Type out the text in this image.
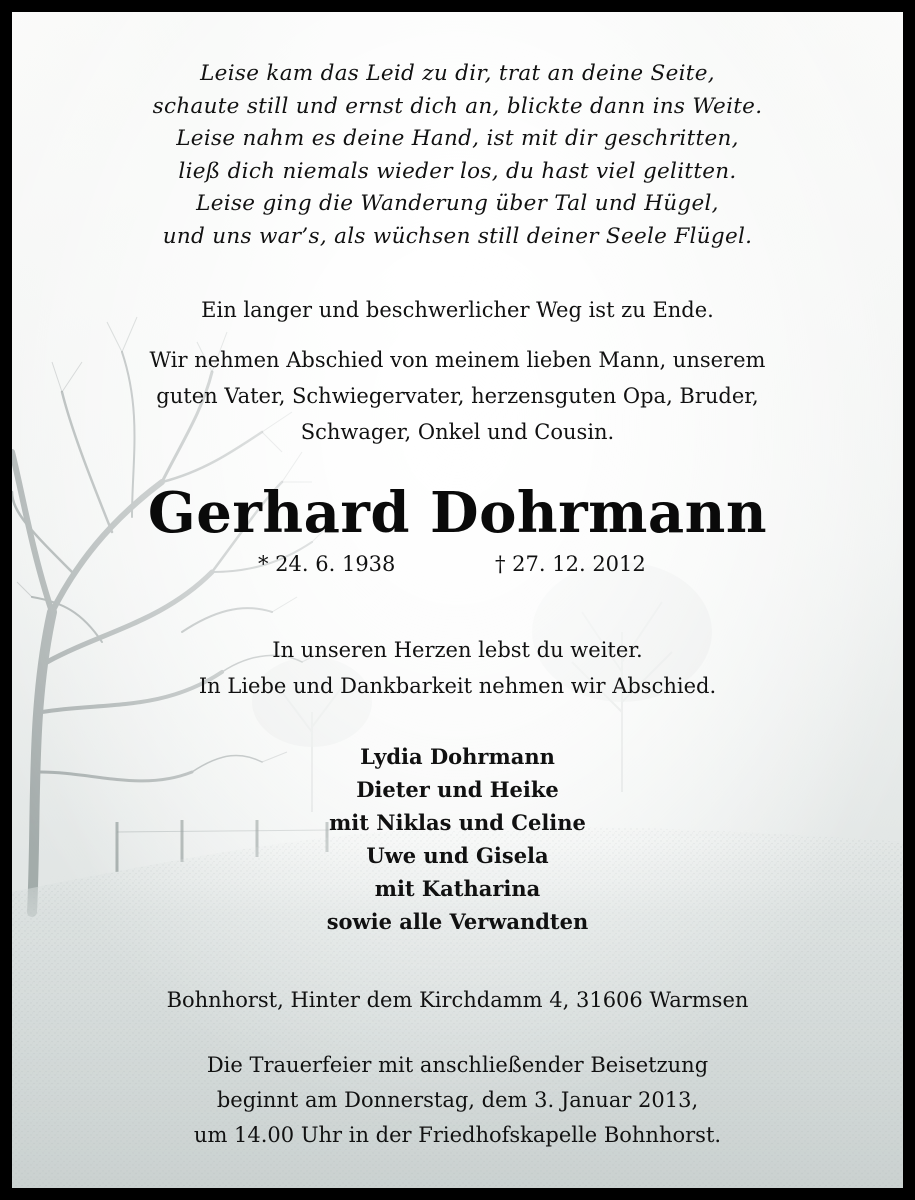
Leise kam das Leid zu dir, trat an deine Seite,
schaute still und ernst dich an, blickte dann ins Weite.
Leise nahm es deine Hand, ist mit dir geschritten,
ließ dich niemals wieder los, du hast viel gelitten.
Leise ging die Wanderung über Tal und Hügel,
und uns war’s, als wüchsen still deiner Seele Flügel.
Ein langer und beschwerlicher Weg ist zu Ende.
Wir nehmen Abschied von meinem lieben Mann, unserem
guten Vater, Schwiegervater, herzensguten Opa, Bruder,
Schwager, Onkel und Cousin.
Gerhard Dohrmann
* 24. 6. 1938	† 27. 12. 2012
In unseren Herzen lebst du weiter.
In Liebe und Dankbarkeit nehmen wir Abschied.
Lydia Dohrmann
Dieter und Heike
mit Niklas und Celine
Uwe und Gisela
mit Katharina
sowie alle Verwandten
Bohnhorst, Hinter dem Kirchdamm 4, 31606 Warmsen
Die Trauerfeier mit anschließender Beisetzung
beginnt am Donnerstag, dem 3. Januar 2013,
um 14.00 Uhr in der Friedhofskapelle Bohnhorst.
